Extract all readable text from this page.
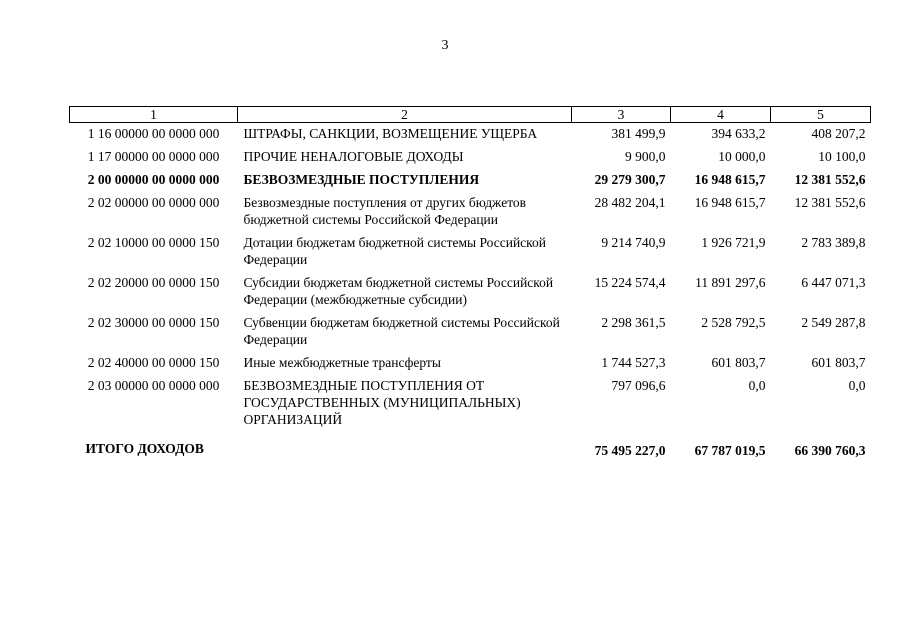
3
1	2	3	4	5
1 16 00000 00 0000 000	ШТРАФЫ, САНКЦИИ, ВОЗМЕЩЕНИЕ УЩЕРБА	381 499,9	394 633,2	408 207,2
1 17 00000 00 0000 000	ПРОЧИЕ НЕНАЛОГОВЫЕ ДОХОДЫ	9 900,0	10 000,0	10 100,0
2 00 00000 00 0000 000	БЕЗВОЗМЕЗДНЫЕ ПОСТУПЛЕНИЯ	29 279 300,7	16 948 615,7	12 381 552,6
2 02 00000 00 0000 000	Безвозмездные поступления от других бюджетов бюджетной системы Российской Федерации	28 482 204,1	16 948 615,7	12 381 552,6
2 02 10000 00 0000 150	Дотации бюджетам бюджетной системы Российской Федерации	9 214 740,9	1 926 721,9	2 783 389,8
2 02 20000 00 0000 150	Субсидии бюджетам бюджетной системы Российской Федерации (межбюджетные субсидии)	15 224 574,4	11 891 297,6	6 447 071,3
2 02 30000 00 0000 150	Субвенции бюджетам бюджетной системы Российской Федерации	2 298 361,5	2 528 792,5	2 549 287,8
2 02 40000 00 0000 150	Иные межбюджетные трансферты	1 744 527,3	601 803,7	601 803,7
2 03 00000 00 0000 000	БЕЗВОЗМЕЗДНЫЕ ПОСТУПЛЕНИЯ ОТ ГОСУДАРСТВЕННЫХ (МУНИЦИПАЛЬНЫХ) ОРГАНИЗАЦИЙ	797 096,6	0,0	0,0
ИТОГО ДОХОДОВ		75 495 227,0	67 787 019,5	66 390 760,3
